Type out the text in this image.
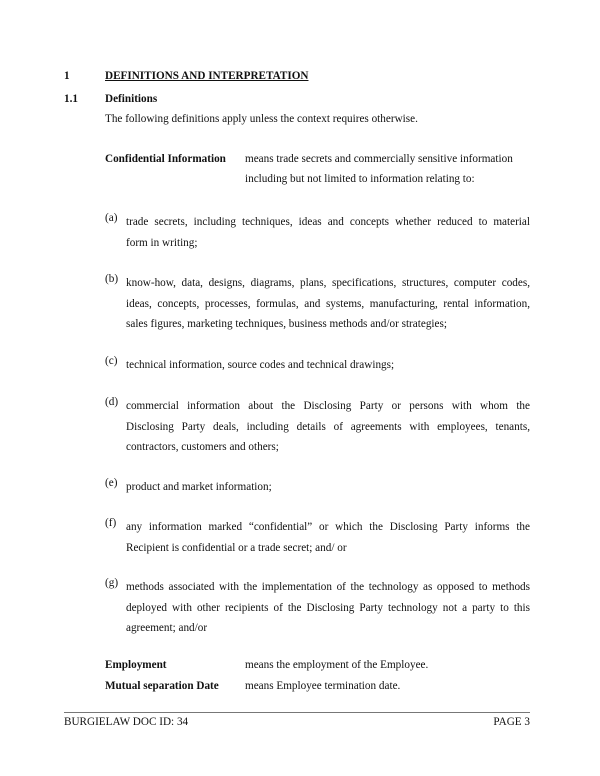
1	DEFINITIONS AND INTERPRETATION
1.1 Definitions
The following definitions apply unless the context requires otherwise.
Confidential Information means trade secrets and commercially sensitive information
including but not limited to information relating to:
(a) trade secrets, including techniques, ideas and concepts whether reduced to material
form in writing;
(b) know-how, data, designs, diagrams, plans, specifications, structures, computer codes,
ideas, concepts, processes, formulas, and systems, manufacturing, rental information,
sales figures, marketing techniques, business methods and/or strategies;
(c) technical information, source codes and technical drawings;
(d) commercial information about the Disclosing Party or persons with whom the
Disclosing Party deals, including details of agreements with employees, tenants,
contractors, customers and others;
(e) product and market information;
(f) any information marked “confidential” or which the Disclosing Party informs the
Recipient is confidential or a trade secret; and/ or
(g) methods associated with the implementation of the technology as opposed to methods
deployed with other recipients of the Disclosing Party technology not a party to this
agreement; and/or
Employment	means the employment of the Employee.
Mutual separation Date means Employee termination date.
BURGIELAW DOC ID: 34	PAGE 3
